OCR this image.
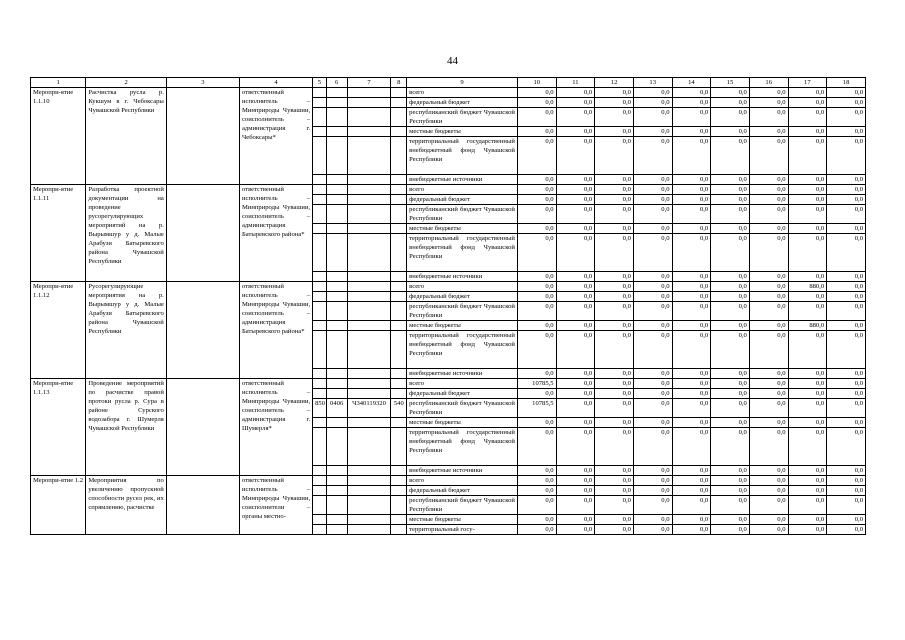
44
1	2	3	4	5	6	7	8	9	10	11	12	13	14	15	16	17	18
Меропри-ятие 1.1.10	Расчистка русла р. Кукшум в г. Чебоксары Чувашской Республики		ответственный исполнитель – Минприроды Чувашии, соисполнитель – администрация г. Чебоксары*					всего	0,0	0,0	0,0	0,0	0,0	0,0	0,0	0,0	0,0
								федеральный бюджет	0,0	0,0	0,0	0,0	0,0	0,0	0,0	0,0	0,0
								республиканский бюджет Чувашской Республики	0,0	0,0	0,0	0,0	0,0	0,0	0,0	0,0	0,0
								местные бюджеты	0,0	0,0	0,0	0,0	0,0	0,0	0,0	0,0	0,0
								территориальный государственный внебюджетный фонд Чувашской Республики	0,0	0,0	0,0	0,0	0,0	0,0	0,0	0,0	0,0
								внебюджетные источники	0,0	0,0	0,0	0,0	0,0	0,0	0,0	0,0	0,0
Меропри-ятие 1.1.11	Разработка проектной документации на проведение русорегулирующих мероприятий на р. Вырымшур у д. Малые Арабузи Батыревского района Чувашской Республики		ответственный исполнитель – Минприроды Чувашии, соисполнитель – администрация Батыревского района*					всего	0,0	0,0	0,0	0,0	0,0	0,0	0,0	0,0	0,0
								федеральный бюджет	0,0	0,0	0,0	0,0	0,0	0,0	0,0	0,0	0,0
								республиканский бюджет Чувашской Республики	0,0	0,0	0,0	0,0	0,0	0,0	0,0	0,0	0,0
								местные бюджеты	0,0	0,0	0,0	0,0	0,0	0,0	0,0	0,0	0,0
								территориальный государственный внебюджетный фонд Чувашской Республики	0,0	0,0	0,0	0,0	0,0	0,0	0,0	0,0	0,0
								внебюджетные источники	0,0	0,0	0,0	0,0	0,0	0,0	0,0	0,0	0,0
Меропри-ятие 1.1.12	Русорегулирующие мероприятия на р. Вырымшур у д. Малые Арабузи Батыревского района Чувашской Республики		ответственный исполнитель – Минприроды Чувашии, соисполнитель – администрация Батыревского района*					всего	0,0	0,0	0,0	0,0	0,0	0,0	0,0	880,0	0,0
								федеральный бюджет	0,0	0,0	0,0	0,0	0,0	0,0	0,0	0,0	0,0
								республиканский бюджет Чувашской Республики	0,0	0,0	0,0	0,0	0,0	0,0	0,0	0,0	0,0
								местные бюджеты	0,0	0,0	0,0	0,0	0,0	0,0	0,0	880,0	0,0
								территориальный государственный внебюджетный фонд Чувашской Республики	0,0	0,0	0,0	0,0	0,0	0,0	0,0	0,0	0,0
								внебюджетные источники	0,0	0,0	0,0	0,0	0,0	0,0	0,0	0,0	0,0
Меропри-ятие 1.1.13	Проведение мероприятий по расчистке правой протоки русла р. Сура в районе Сурского водозабора г. Шумерля Чувашской Республики		ответственный исполнитель – Минприроды Чувашии, соисполнитель – администрация г. Шумерля*					всего	10785,5	0,0	0,0	0,0	0,0	0,0	0,0	0,0	0,0
								федеральный бюджет	0,0	0,0	0,0	0,0	0,0	0,0	0,0	0,0	0,0
				850	0406	Ч340119320	540	республиканский бюджет Чувашской Республики	10785,5	0,0	0,0	0,0	0,0	0,0	0,0	0,0	0,0
								местные бюджеты	0,0	0,0	0,0	0,0	0,0	0,0	0,0	0,0	0,0
								территориальный государственный внебюджетный фонд Чувашской Республики	0,0	0,0	0,0	0,0	0,0	0,0	0,0	0,0	0,0
								внебюджетные источники	0,0	0,0	0,0	0,0	0,0	0,0	0,0	0,0	0,0
Меропри-ятие 1.2	Мероприятия по увеличению пропускной способности русел рек, их спрямлению, расчистке		ответственный исполнитель – Минприроды Чувашии, соисполнители – органы местно-					всего	0,0	0,0	0,0	0,0	0,0	0,0	0,0	0,0	0,0
								федеральный бюджет	0,0	0,0	0,0	0,0	0,0	0,0	0,0	0,0	0,0
								республиканский бюджет Чувашской Республики	0,0	0,0	0,0	0,0	0,0	0,0	0,0	0,0	0,0
								местные бюджеты	0,0	0,0	0,0	0,0	0,0	0,0	0,0	0,0	0,0
								территориальный госу-	0,0	0,0	0,0	0,0	0,0	0,0	0,0	0,0	0,0
